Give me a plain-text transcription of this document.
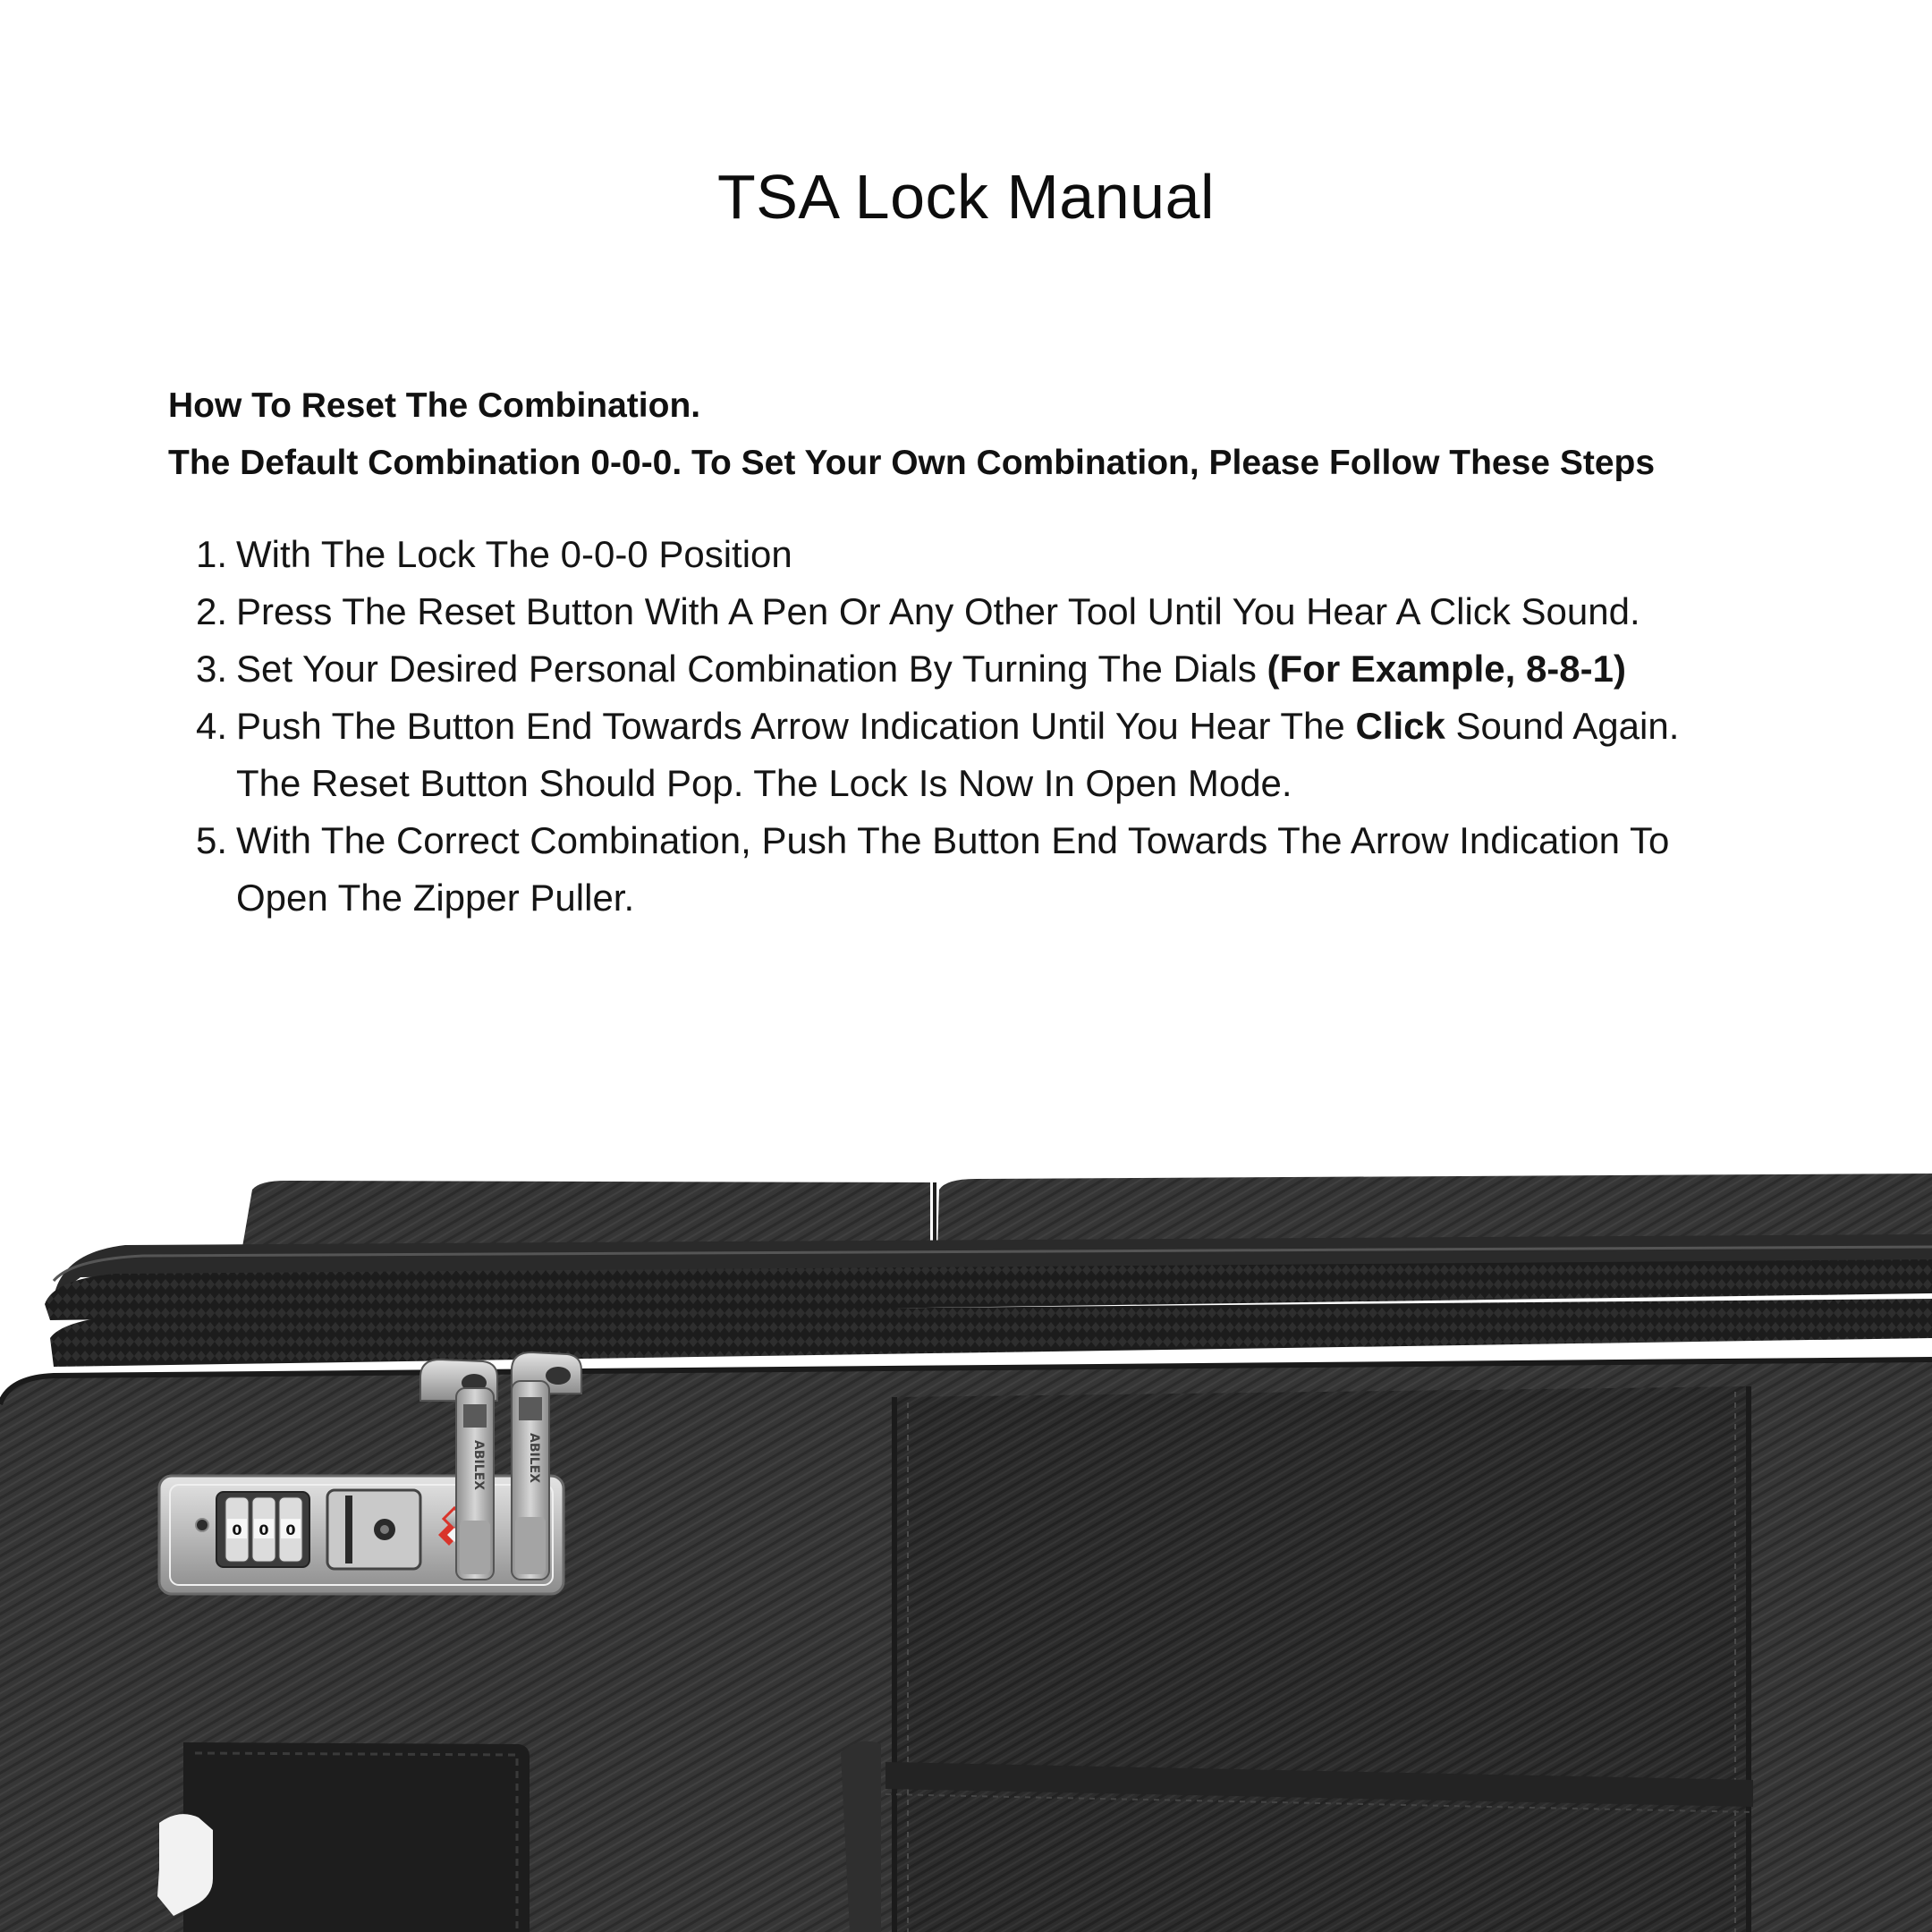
TSA Lock Manual
How To Reset The Combination.
The Default Combination 0-0-0. To Set Your Own Combination, Please Follow These Steps
1. With The Lock The 0-0-0 Position
2. Press The Reset Button With A Pen Or Any Other Tool Until You Hear A Click Sound.
3. Set Your Desired Personal Combination By Turning The Dials (For Example, 8-8-1)
4. Push The Button End Towards Arrow Indication Until You Hear The Click Sound Again.
The Reset Button Should Pop. The Lock Is Now In Open Mode.
5. With The Correct Combination, Push The Button End Towards The Arrow Indication To
Open The Zipper Puller.
0 0 0
ABILEX	ABILEX
